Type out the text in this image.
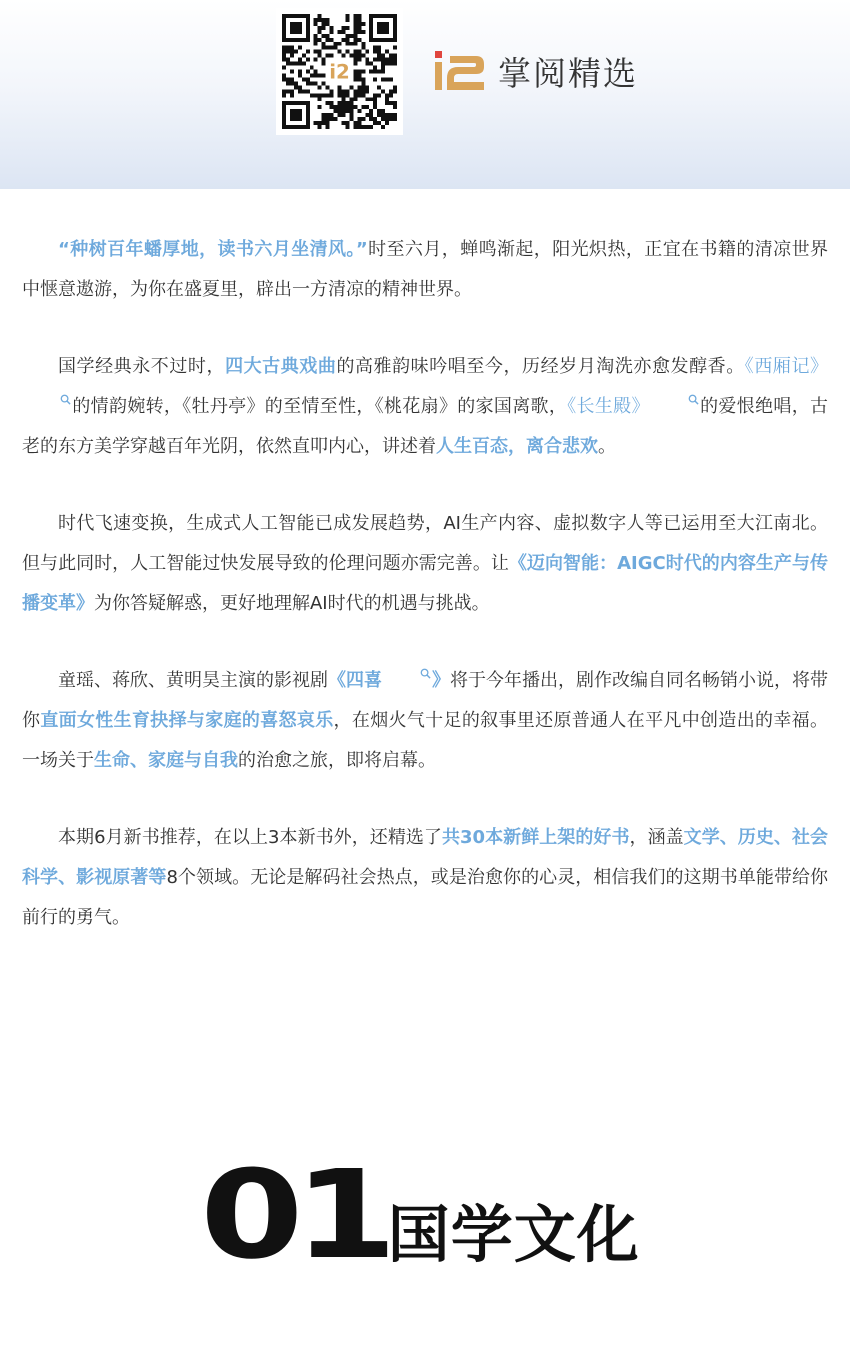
i2	掌阅精选

“种树百年蟠厚地，读书六月坐清风。”时至六月，蝉鸣渐起，阳光炽热，正宜在书籍的清凉世界中惬意遨游，为你在盛夏里，辟出一方清凉的精神世界。

国学经典永不过时，四大古典戏曲的高雅韵味吟唱至今，历经岁月淘洗亦愈发醇香。《西厢记》的情韵婉转，《牡丹亭》的至情至性，《桃花扇》的家国离歌，《长生殿》	的爱恨绝唱，古老的东方美学穿越百年光阴，依然直叩内心，讲述着人生百态，离合悲欢。

时代飞速变换，生成式人工智能已成发展趋势，AI生产内容、虚拟数字人等已运用至大江南北。但与此同时，人工智能过快发展导致的伦理问题亦需完善。让《迈向智能：AIGC时代的内容生产与传播变革》为你答疑解惑，更好地理解AI时代的机遇与挑战。

童瑶、蒋欣、黄明昊主演的影视剧《四喜	》将于今年播出，剧作改编自同名畅销小说，将带你直面女性生育抉择与家庭的喜怒哀乐，在烟火气十足的叙事里还原普通人在平凡中创造出的幸福。一场关于生命、家庭与自我的治愈之旅，即将启幕。

本期6月新书推荐，在以上3本新书外，还精选了共30本新鲜上架的好书，涵盖文学、历史、社会科学、影视原著等8个领域。无论是解码社会热点，或是治愈你的心灵，相信我们的这期书单能带给你前行的勇气。

01 国学文化
